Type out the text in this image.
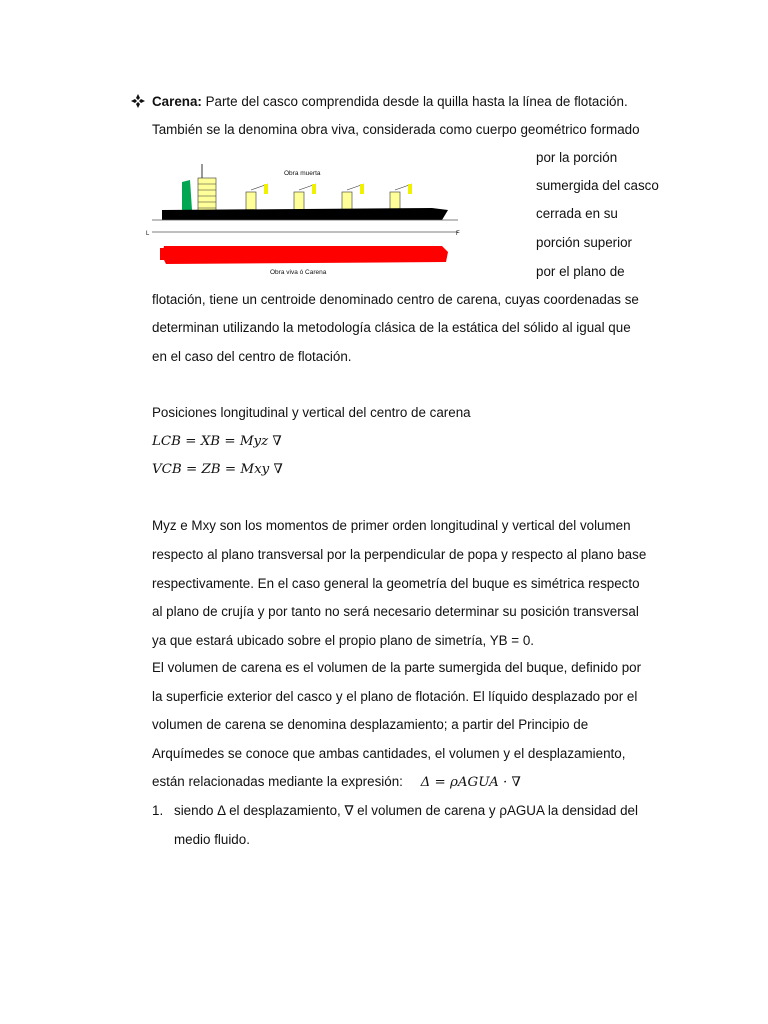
Carena: Parte del casco comprendida desde la quilla hasta la línea de flotación.
También se la denomina obra viva, considerada como cuerpo geométrico formado
por la porción
sumergida del casco
cerrada en su
porción superior
por el plano de
Obra muerta
Obra viva ó Carena
L	F
flotación, tiene un centroide denominado centro de carena, cuyas coordenadas se
determinan utilizando la metodología clásica de la estática del sólido al igual que
en el caso del centro de flotación.
Posiciones longitudinal y vertical del centro de carena
LCB = XB = Myz ∇
VCB = ZB = Mxy ∇
Myz e Mxy son los momentos de primer orden longitudinal y vertical del volumen
respecto al plano transversal por la perpendicular de popa y respecto al plano base
respectivamente. En el caso general la geometría del buque es simétrica respecto
al plano de crujía y por tanto no será necesario determinar su posición transversal
ya que estará ubicado sobre el propio plano de simetría, YB = 0.
El volumen de carena es el volumen de la parte sumergida del buque, definido por
la superficie exterior del casco y el plano de flotación. El líquido desplazado por el
volumen de carena se denomina desplazamiento; a partir del Principio de
Arquímedes se conoce que ambas cantidades, el volumen y el desplazamiento,
están relacionadas mediante la expresión: Δ = ρAGUA · ∇
1. siendo Δ el desplazamiento, ∇ el volumen de carena y ρAGUA la densidad del
medio fluido.
